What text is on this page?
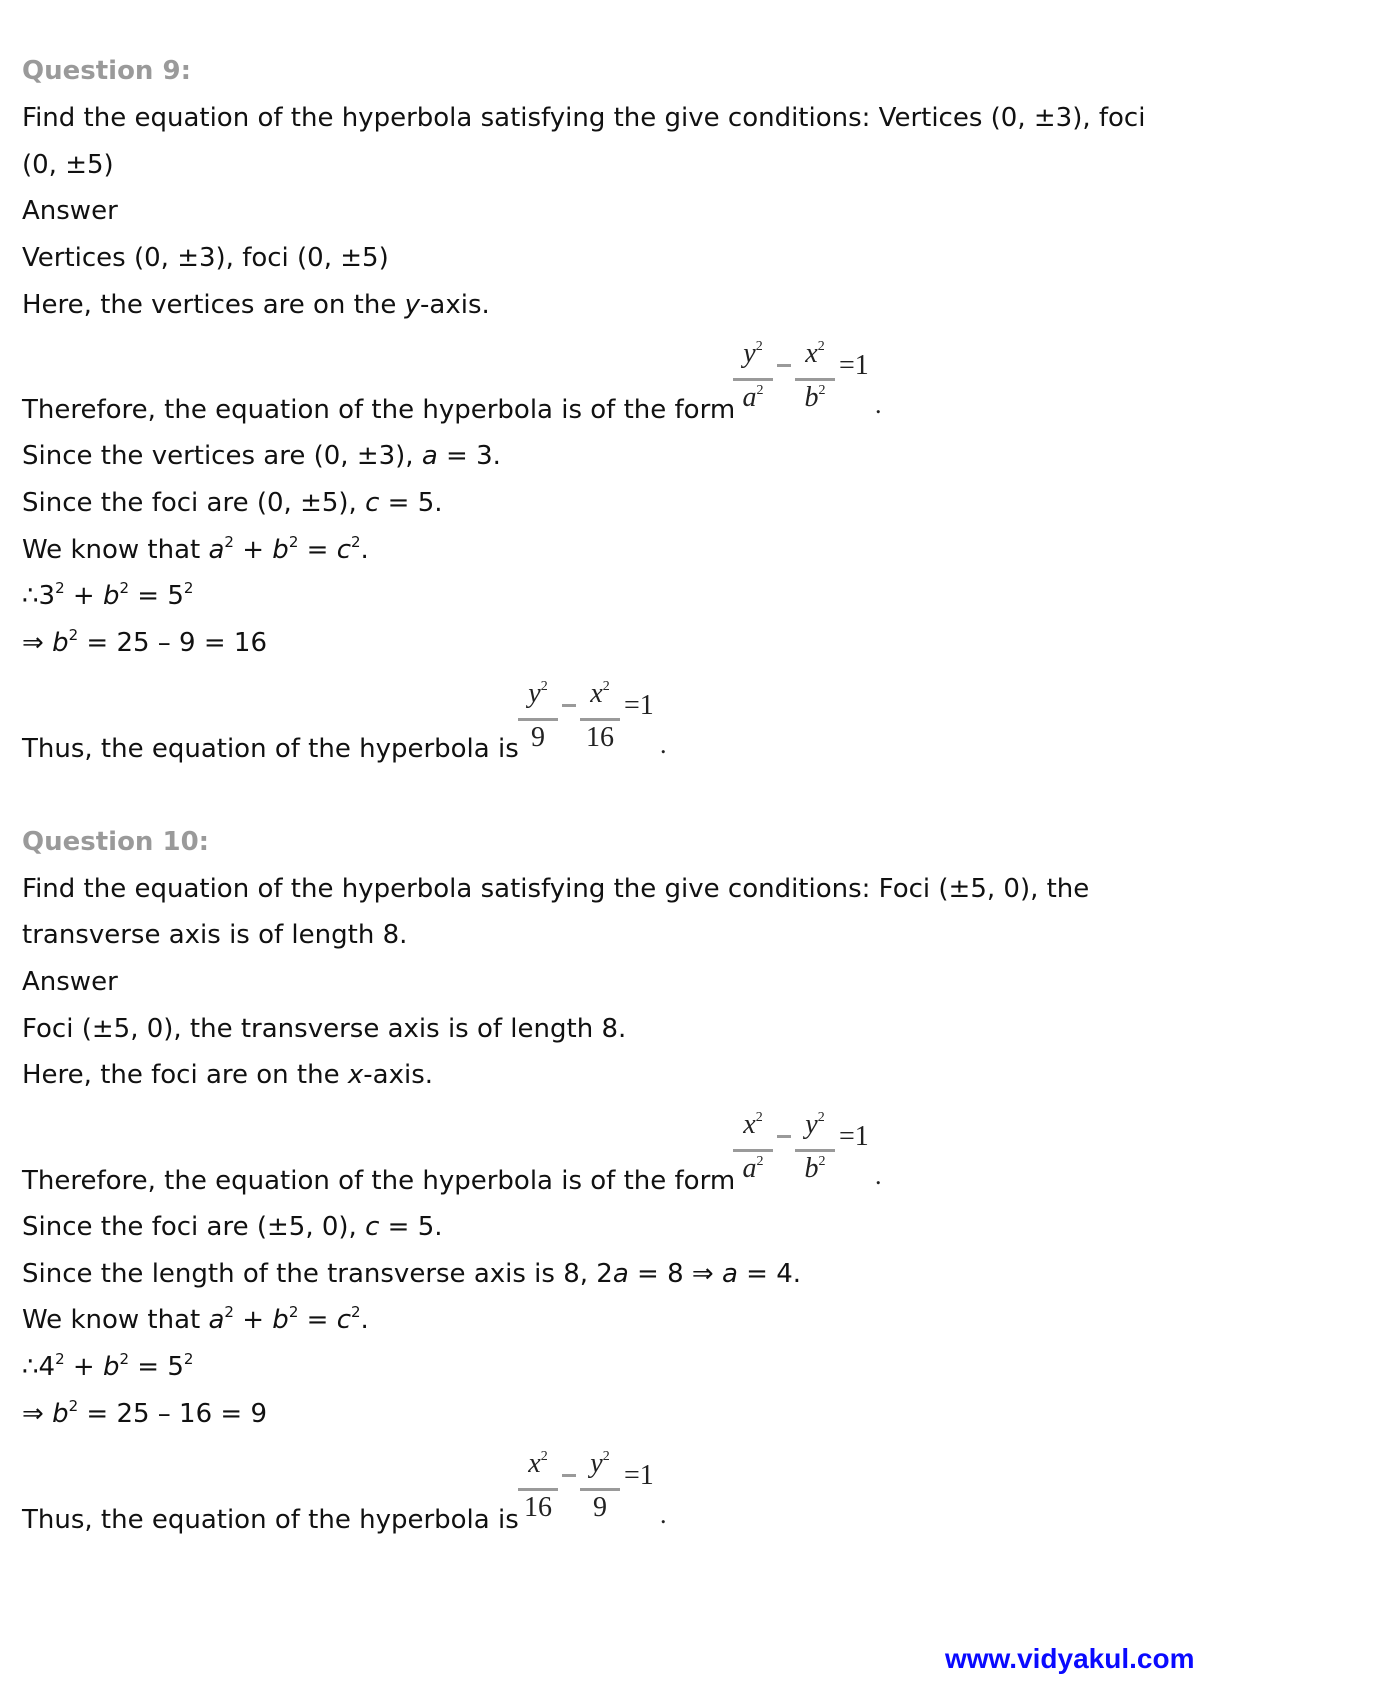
Question 9:
Find the equation of the hyperbola satisfying the give conditions: Vertices (0, ±3), foci
(0, ±5)
Answer
Vertices (0, ±3), foci (0, ±5)
Here, the vertices are on the y-axis.
Therefore, the equation of the hyperbola is of the form
$y^2$
$a^2$
$x^2$
$b^2$
=1
.
Since the vertices are (0, ±3), a = 3.
Since the foci are (0, ±5), c = 5.
We know that $a^2 + b^2 = c^2$.
$\therefore 3^2 + b^2 = 5^2$
⇒ $b^2 = 25 - 9 = 16$
Thus, the equation of the hyperbola is
$y^2$
9
$x^2$
16
=1
.
Question 10:
Find the equation of the hyperbola satisfying the give conditions: Foci (±5, 0), the
transverse axis is of length 8.
Answer
Foci (±5, 0), the transverse axis is of length 8.
Here, the foci are on the x-axis.
Therefore, the equation of the hyperbola is of the form
$x^2$
$a^2$
$y^2$
$b^2$
=1
.
Since the foci are (±5, 0), c = 5.
Since the length of the transverse axis is 8, 2a = 8 ⇒ a = 4.
We know that $a^2 + b^2 = c^2$.
$\therefore 4^2 + b^2 = 5^2$
⇒ $b^2 = 25 - 16 = 9$
Thus, the equation of the hyperbola is
$x^2$
16
$y^2$
9
=1
.
www.vidyakul.com
